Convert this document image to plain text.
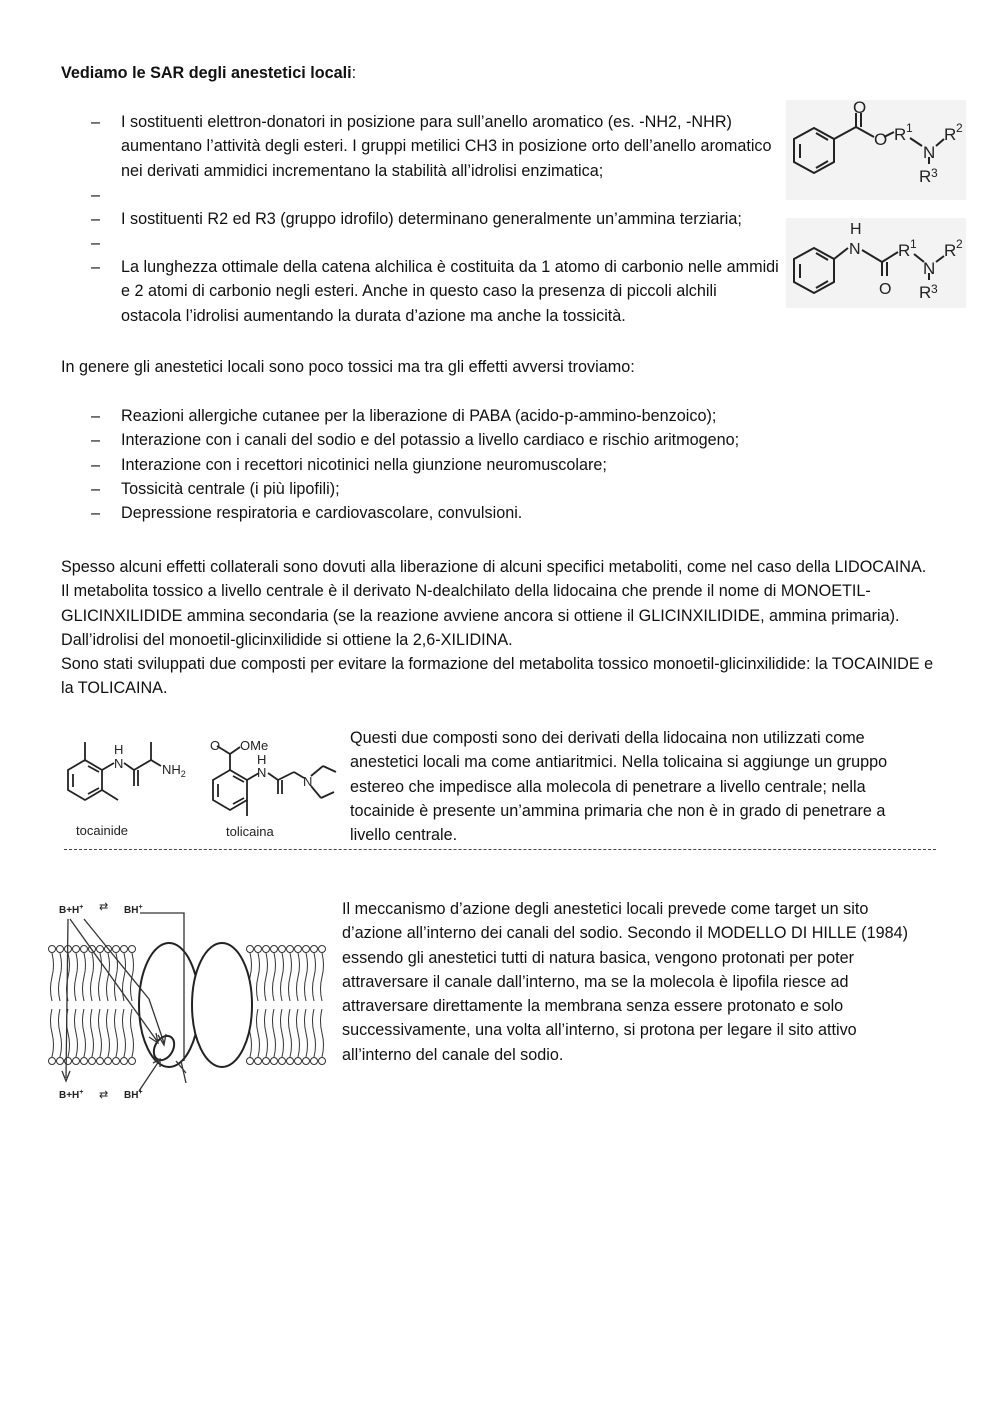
Vediamo le SAR degli anestetici locali:
– I sostituenti elettron-donatori in posizione para sull’anello aromatico (es. -NH2, -NHR) aumentano l’attività degli esteri. I gruppi metilici CH3 in posizione orto dell’anello aromatico nei derivati ammidici incrementano la stabilità all’idrolisi enzimatica;
–
– I sostituenti R2 ed R3 (gruppo idrofilo) determinano generalmente un’ammina terziaria;
–
– La lunghezza ottimale della catena alchilica è costituita da 1 atomo di carbonio nelle ammidi e 2 atomi di carbonio negli esteri. Anche in questo caso la presenza di piccoli alchili ostacola l’idrolisi aumentando la durata d’azione ma anche la tossicità.
O
O R 1
N
R 2
R 3
H
N
O
R 1
N
R 2
R 3
In genere gli anestetici locali sono poco tossici ma tra gli effetti avversi troviamo:
– Reazioni allergiche cutanee per la liberazione di PABA (acido-p-ammino-benzoico);
– Interazione con i canali del sodio e del potassio a livello cardiaco e rischio aritmogeno;
– Interazione con i recettori nicotinici nella giunzione neuromuscolare;
– Tossicità centrale (i più lipofili);
– Depressione respiratoria e cardiovascolare, convulsioni.
Spesso alcuni effetti collaterali sono dovuti alla liberazione di alcuni specifici metaboliti, come nel caso della LIDOCAINA. Il metabolita tossico a livello centrale è il derivato N-dealchilato della lidocaina che prende il nome di MONOETIL-GLICINXILIDIDE ammina secondaria (se la reazione avviene ancora si ottiene il GLICINXILIDIDE, ammina primaria). Dall’idrolisi del monoetil-glicinxilidide si ottiene la 2,6-XILIDINA.
Sono stati sviluppati due composti per evitare la formazione del metabolita tossico monoetil-glicinxilidide: la TOCAINIDE e la TOLICAINA.
H
N	$NH_2$
tocainide
O OMe
H
N
N
tolicaina
Questi due composti sono dei derivati della lidocaina non utilizzati come anestetici locali ma come antiaritmici. Nella tolicaina si aggiunge un gruppo estereo che impedisce alla molecola di penetrare a livello centrale; nella tocainide è presente un’ammina primaria che non è in grado di penetrare a livello centrale.
B+H+ ⇄ BH+
B+H+ ⇄ BH+
Il meccanismo d’azione degli anestetici locali prevede come target un sito d’azione all’interno dei canali del sodio. Secondo il MODELLO DI HILLE (1984) essendo gli anestetici tutti di natura basica, vengono protonati per poter attraversare il canale dall’interno, ma se la molecola è lipofila riesce ad attraversare direttamente la membrana senza essere protonato e solo successivamente, una volta all’interno, si protona per legare il sito attivo all’interno del canale del sodio.
